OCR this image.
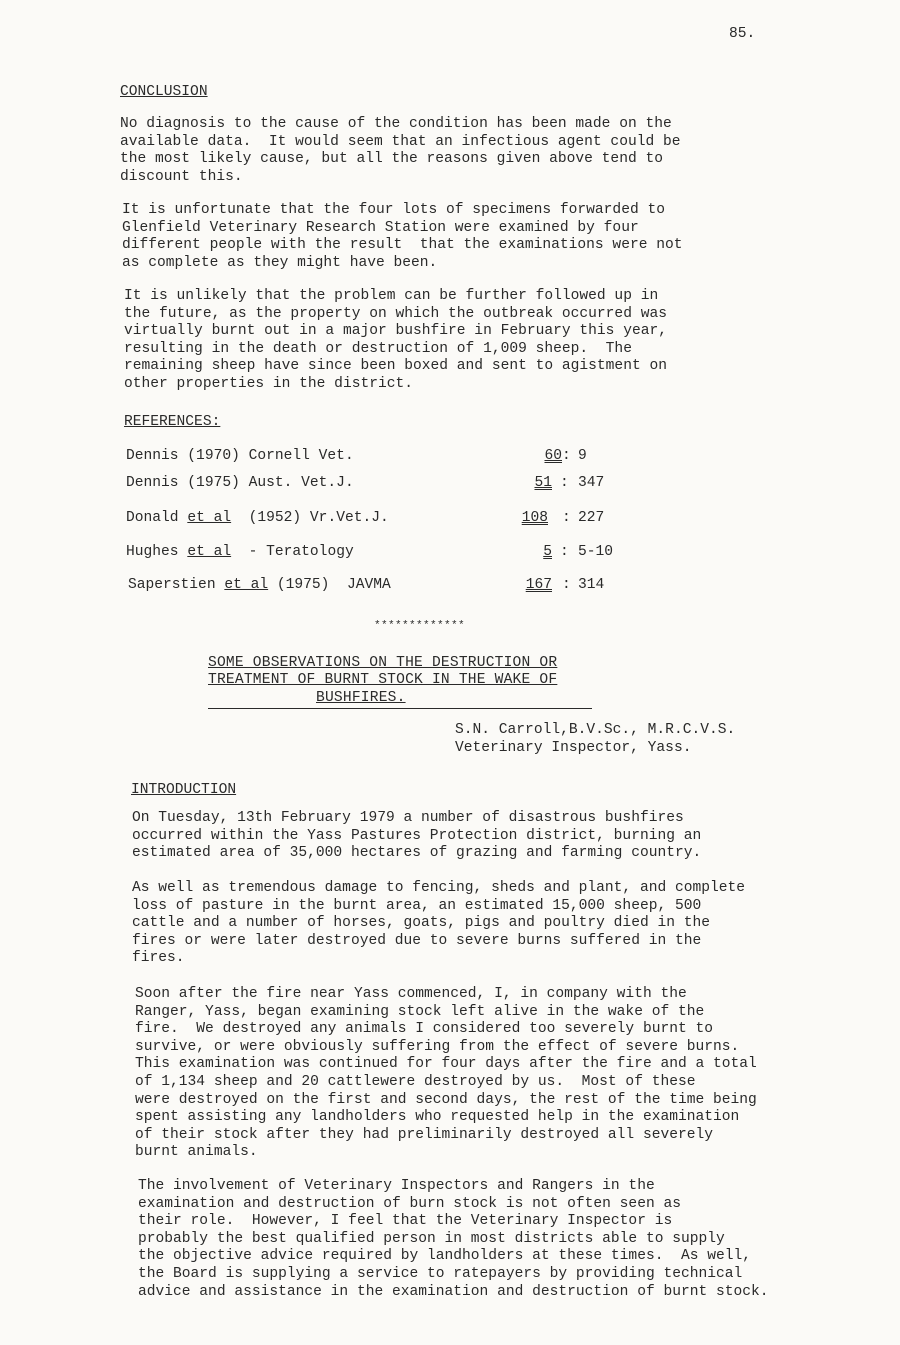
85.
CONCLUSION
No diagnosis to the cause of the condition has been made on the
available data.  It would seem that an infectious agent could be
the most likely cause, but all the reasons given above tend to
discount this.
It is unfortunate that the four lots of specimens forwarded to
Glenfield Veterinary Research Station were examined by four
different people with the result  that the examinations were not
as complete as they might have been.
It is unlikely that the problem can be further followed up in
the future, as the property on which the outbreak occurred was
virtually burnt out in a major bushfire in February this year,
resulting in the death or destruction of 1,009 sheep.  The
remaining sheep have since been boxed and sent to agistment on
other properties in the district.
REFERENCES:
Dennis (1970) Cornell Vet.	60 : 9
Dennis (1975) Aust. Vet.J.	51 : 347
Donald et al  (1952) Vr.Vet.J.	108 : 227
Hughes et al  - Teratology	5 : 5-10
Saperstien et al (1975)  JAVMA	167 : 314
*************
SOME OBSERVATIONS ON THE DESTRUCTION OR
TREATMENT OF BURNT STOCK IN THE WAKE OF
BUSHFIRES.
S.N. Carroll,B.V.Sc., M.R.C.V.S.
Veterinary Inspector, Yass.
INTRODUCTION
On Tuesday, 13th February 1979 a number of disastrous bushfires
occurred within the Yass Pastures Protection district, burning an
estimated area of 35,000 hectares of grazing and farming country.
As well as tremendous damage to fencing, sheds and plant, and complete
loss of pasture in the burnt area, an estimated 15,000 sheep, 500
cattle and a number of horses, goats, pigs and poultry died in the
fires or were later destroyed due to severe burns suffered in the
fires.
Soon after the fire near Yass commenced, I, in company with the
Ranger, Yass, began examining stock left alive in the wake of the
fire.  We destroyed any animals I considered too severely burnt to
survive, or were obviously suffering from the effect of severe burns.
This examination was continued for four days after the fire and a total
of 1,134 sheep and 20 cattlewere destroyed by us.  Most of these
were destroyed on the first and second days, the rest of the time being
spent assisting any landholders who requested help in the examination
of their stock after they had preliminarily destroyed all severely
burnt animals.
The involvement of Veterinary Inspectors and Rangers in the
examination and destruction of burn stock is not often seen as
their role.  However, I feel that the Veterinary Inspector is
probably the best qualified person in most districts able to supply
the objective advice required by landholders at these times.  As well,
the Board is supplying a service to ratepayers by providing technical
advice and assistance in the examination and destruction of burnt stock.
